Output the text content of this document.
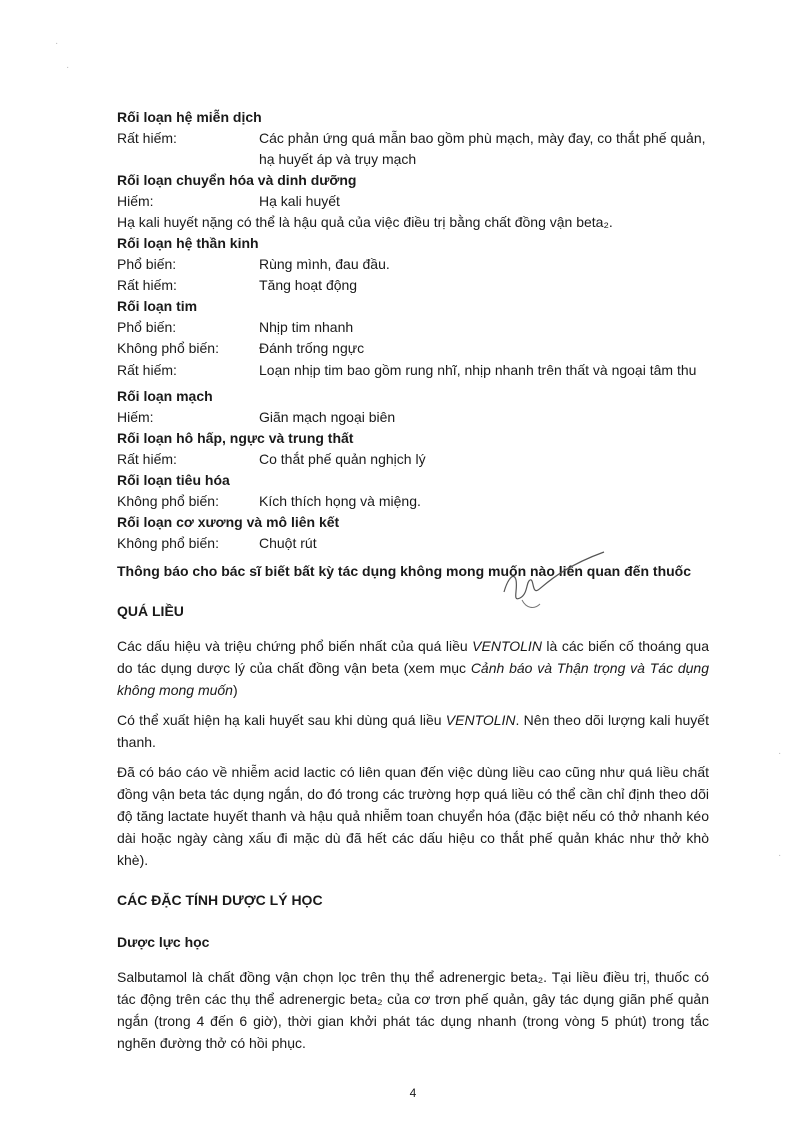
Rối loạn hệ miễn dịch
Rất hiếm:	Các phản ứng quá mẫn bao gồm phù mạch, mày đay, co thắt phế quản, hạ huyết áp và trụy mạch
Rối loạn chuyển hóa và dinh dưỡng
Hiếm:	Hạ kali huyết
Hạ kali huyết nặng có thể là hậu quả của việc điều trị bằng chất đồng vận beta₂.
Rối loạn hệ thần kinh
Phổ biến:	Rùng mình, đau đầu.
Rất hiếm:	Tăng hoạt động
Rối loạn tim
Phổ biến:	Nhịp tim nhanh
Không phổ biến:	Đánh trống ngực
Rất hiếm:	Loạn nhịp tim bao gồm rung nhĩ, nhịp nhanh trên thất và ngoại tâm thu
Rối loạn mạch
Hiếm:	Giãn mạch ngoại biên
Rối loạn hô hấp, ngực và trung thất
Rất hiếm:	Co thắt phế quản nghịch lý
Rối loạn tiêu hóa
Không phổ biến:	Kích thích họng và miệng.
Rối loạn cơ xương và mô liên kết
Không phổ biến:	Chuột rút
Thông báo cho bác sĩ biết bất kỳ tác dụng không mong muốn nào liên quan đến thuốc
QUÁ LIỀU
Các dấu hiệu và triệu chứng phổ biến nhất của quá liều VENTOLIN là các biến cố thoáng qua do tác dụng dược lý của chất đồng vận beta (xem mục Cảnh báo và Thận trọng và Tác dụng không mong muốn)
Có thể xuất hiện hạ kali huyết sau khi dùng quá liều VENTOLIN. Nên theo dõi lượng kali huyết thanh.
Đã có báo cáo về nhiễm acid lactic có liên quan đến việc dùng liều cao cũng như quá liều chất đồng vận beta tác dụng ngắn, do đó trong các trường hợp quá liều có thể cần chỉ định theo dõi độ tăng lactate huyết thanh và hậu quả nhiễm toan chuyển hóa (đặc biệt nếu có thở nhanh kéo dài hoặc ngày càng xấu đi mặc dù đã hết các dấu hiệu co thắt phế quản khác như thở khò khè).
CÁC ĐẶC TÍNH DƯỢC LÝ HỌC
Dược lực học
Salbutamol là chất đồng vận chọn lọc trên thụ thể adrenergic beta₂. Tại liều điều trị, thuốc có tác động trên các thụ thể adrenergic beta₂ của cơ trơn phế quản, gây tác dụng giãn phế quản ngắn (trong 4 đến 6 giờ), thời gian khởi phát tác dụng nhanh (trong vòng 5 phút) trong tắc nghẽn đường thở có hồi phục.
·
·
·
·
4
